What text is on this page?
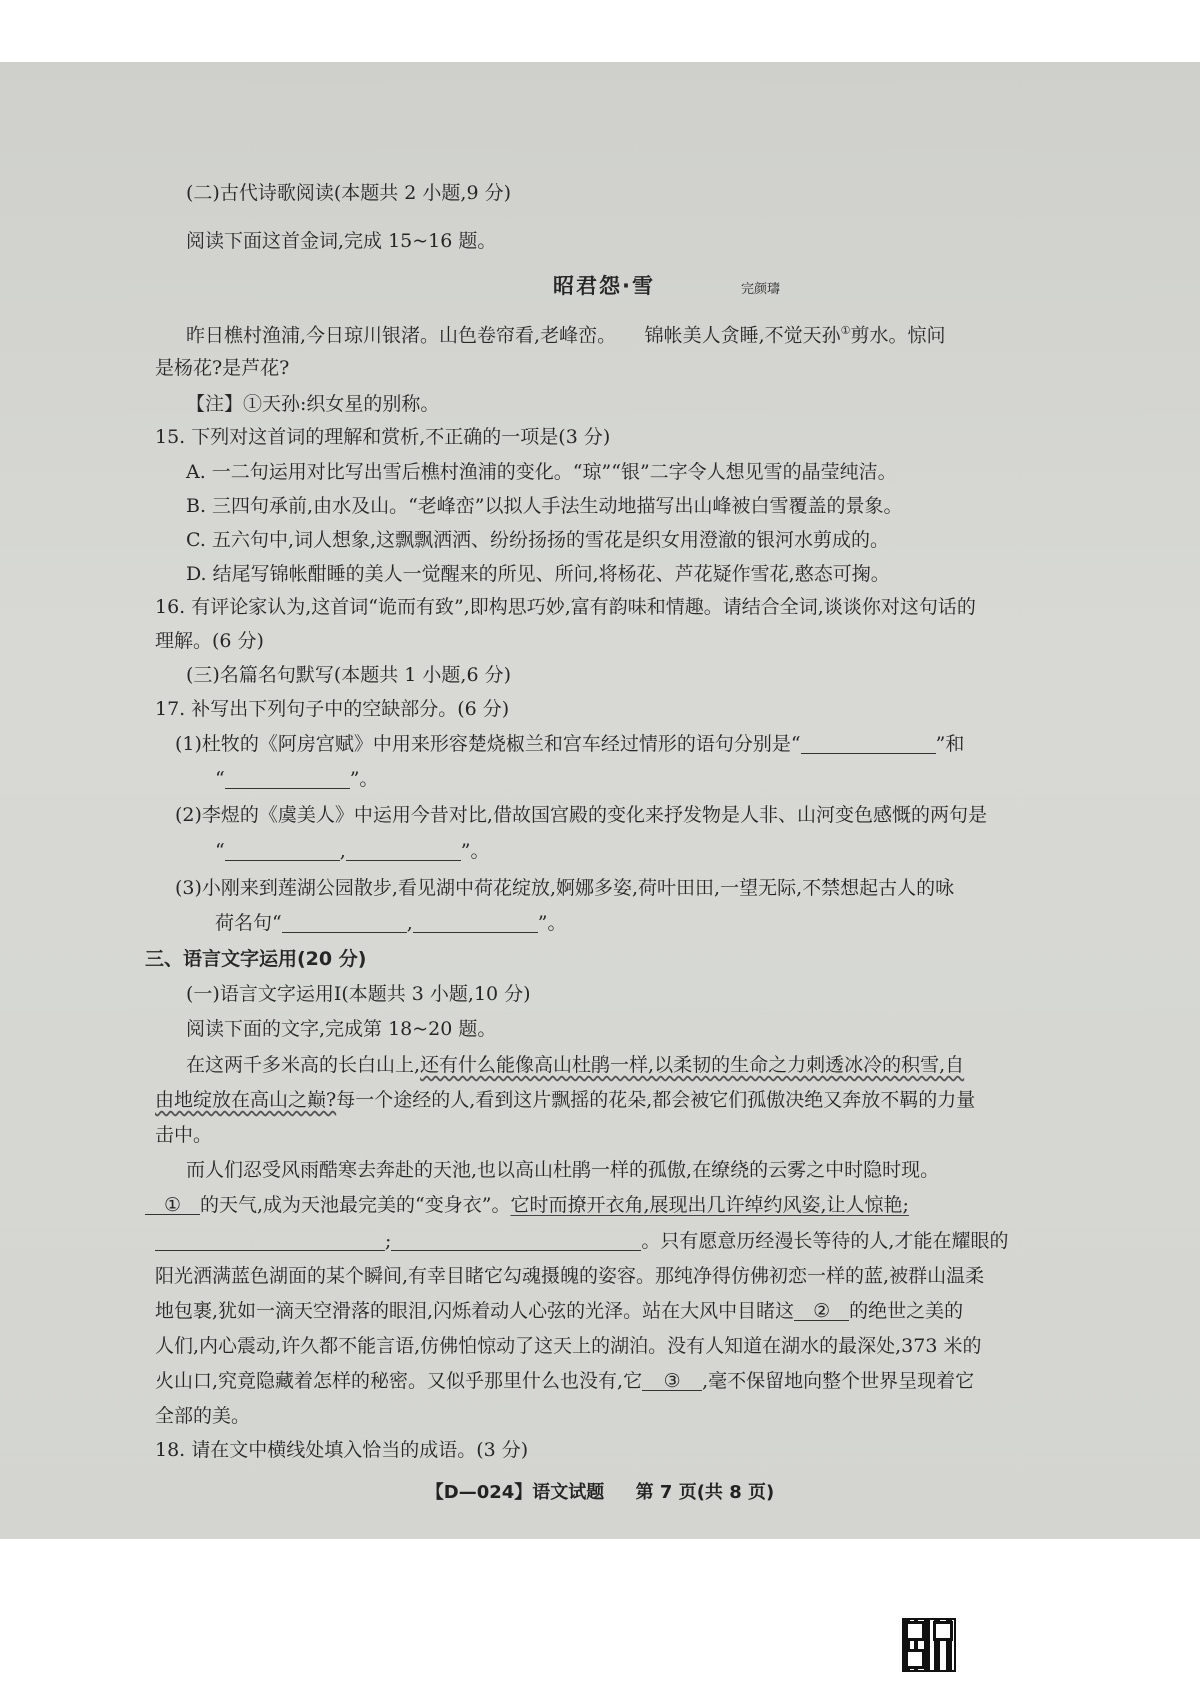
(二)古代诗歌阅读(本题共 2 小题,9 分)
阅读下面这首金词,完成 15~16 题。
昭君怨·雪	完颜璹
昨日樵村渔浦,今日琼川银渚。山色卷帘看,老峰峦。　　锦帐美人贪睡,不觉天孙①剪水。惊问
是杨花?是芦花?
【注】①天孙:织女星的别称。
15. 下列对这首词的理解和赏析,不正确的一项是(3 分)
A. 一二句运用对比写出雪后樵村渔浦的变化。“琼”“银”二字令人想见雪的晶莹纯洁。
B. 三四句承前,由水及山。“老峰峦”以拟人手法生动地描写出山峰被白雪覆盖的景象。
C. 五六句中,词人想象,这飘飘洒洒、纷纷扬扬的雪花是织女用澄澈的银河水剪成的。
D. 结尾写锦帐酣睡的美人一觉醒来的所见、所问,将杨花、芦花疑作雪花,憨态可掬。
16. 有评论家认为,这首词“诡而有致”,即构思巧妙,富有韵味和情趣。请结合全词,谈谈你对这句话的
理解。(6 分)
(三)名篇名句默写(本题共 1 小题,6 分)
17. 补写出下列句子中的空缺部分。(6 分)
(1)杜牧的《阿房宫赋》中用来形容楚烧椒兰和宫车经过情形的语句分别是“	”和
“	”。
(2)李煜的《虞美人》中运用今昔对比,借故国宫殿的变化来抒发物是人非、山河变色感慨的两句是
“	,	”。
(3)小刚来到莲湖公园散步,看见湖中荷花绽放,婀娜多姿,荷叶田田,一望无际,不禁想起古人的咏
荷名句“	,	”。
三、语言文字运用(20 分)
(一)语言文字运用Ⅰ(本题共 3 小题,10 分)
阅读下面的文字,完成第 18~20 题。
在这两千多米高的长白山上,还有什么能像高山杜鹃一样,以柔韧的生命之力刺透冰冷的积雪,自
由地绽放在高山之巅?每一个途经的人,看到这片飘摇的花朵,都会被它们孤傲决绝又奔放不羁的力量
击中。
而人们忍受风雨酷寒去奔赴的天池,也以高山杜鹃一样的孤傲,在缭绕的云雾之中时隐时现。
① 的天气,成为天池最完美的“变身衣”。它时而撩开衣角,展现出几许绰约风姿,让人惊艳;
;	。只有愿意历经漫长等待的人,才能在耀眼的
阳光洒满蓝色湖面的某个瞬间,有幸目睹它勾魂摄魄的姿容。那纯净得仿佛初恋一样的蓝,被群山温柔
地包裹,犹如一滴天空滑落的眼泪,闪烁着动人心弦的光泽。站在大风中目睹这 ② 的绝世之美的
人们,内心震动,许久都不能言语,仿佛怕惊动了这天上的湖泊。没有人知道在湖水的最深处,373 米的
火山口,究竟隐藏着怎样的秘密。又似乎那里什么也没有,它 ③ ,毫不保留地向整个世界呈现着它
全部的美。
18. 请在文中横线处填入恰当的成语。(3 分)
【D—024】语文试题 第 7 页(共 8 页)
